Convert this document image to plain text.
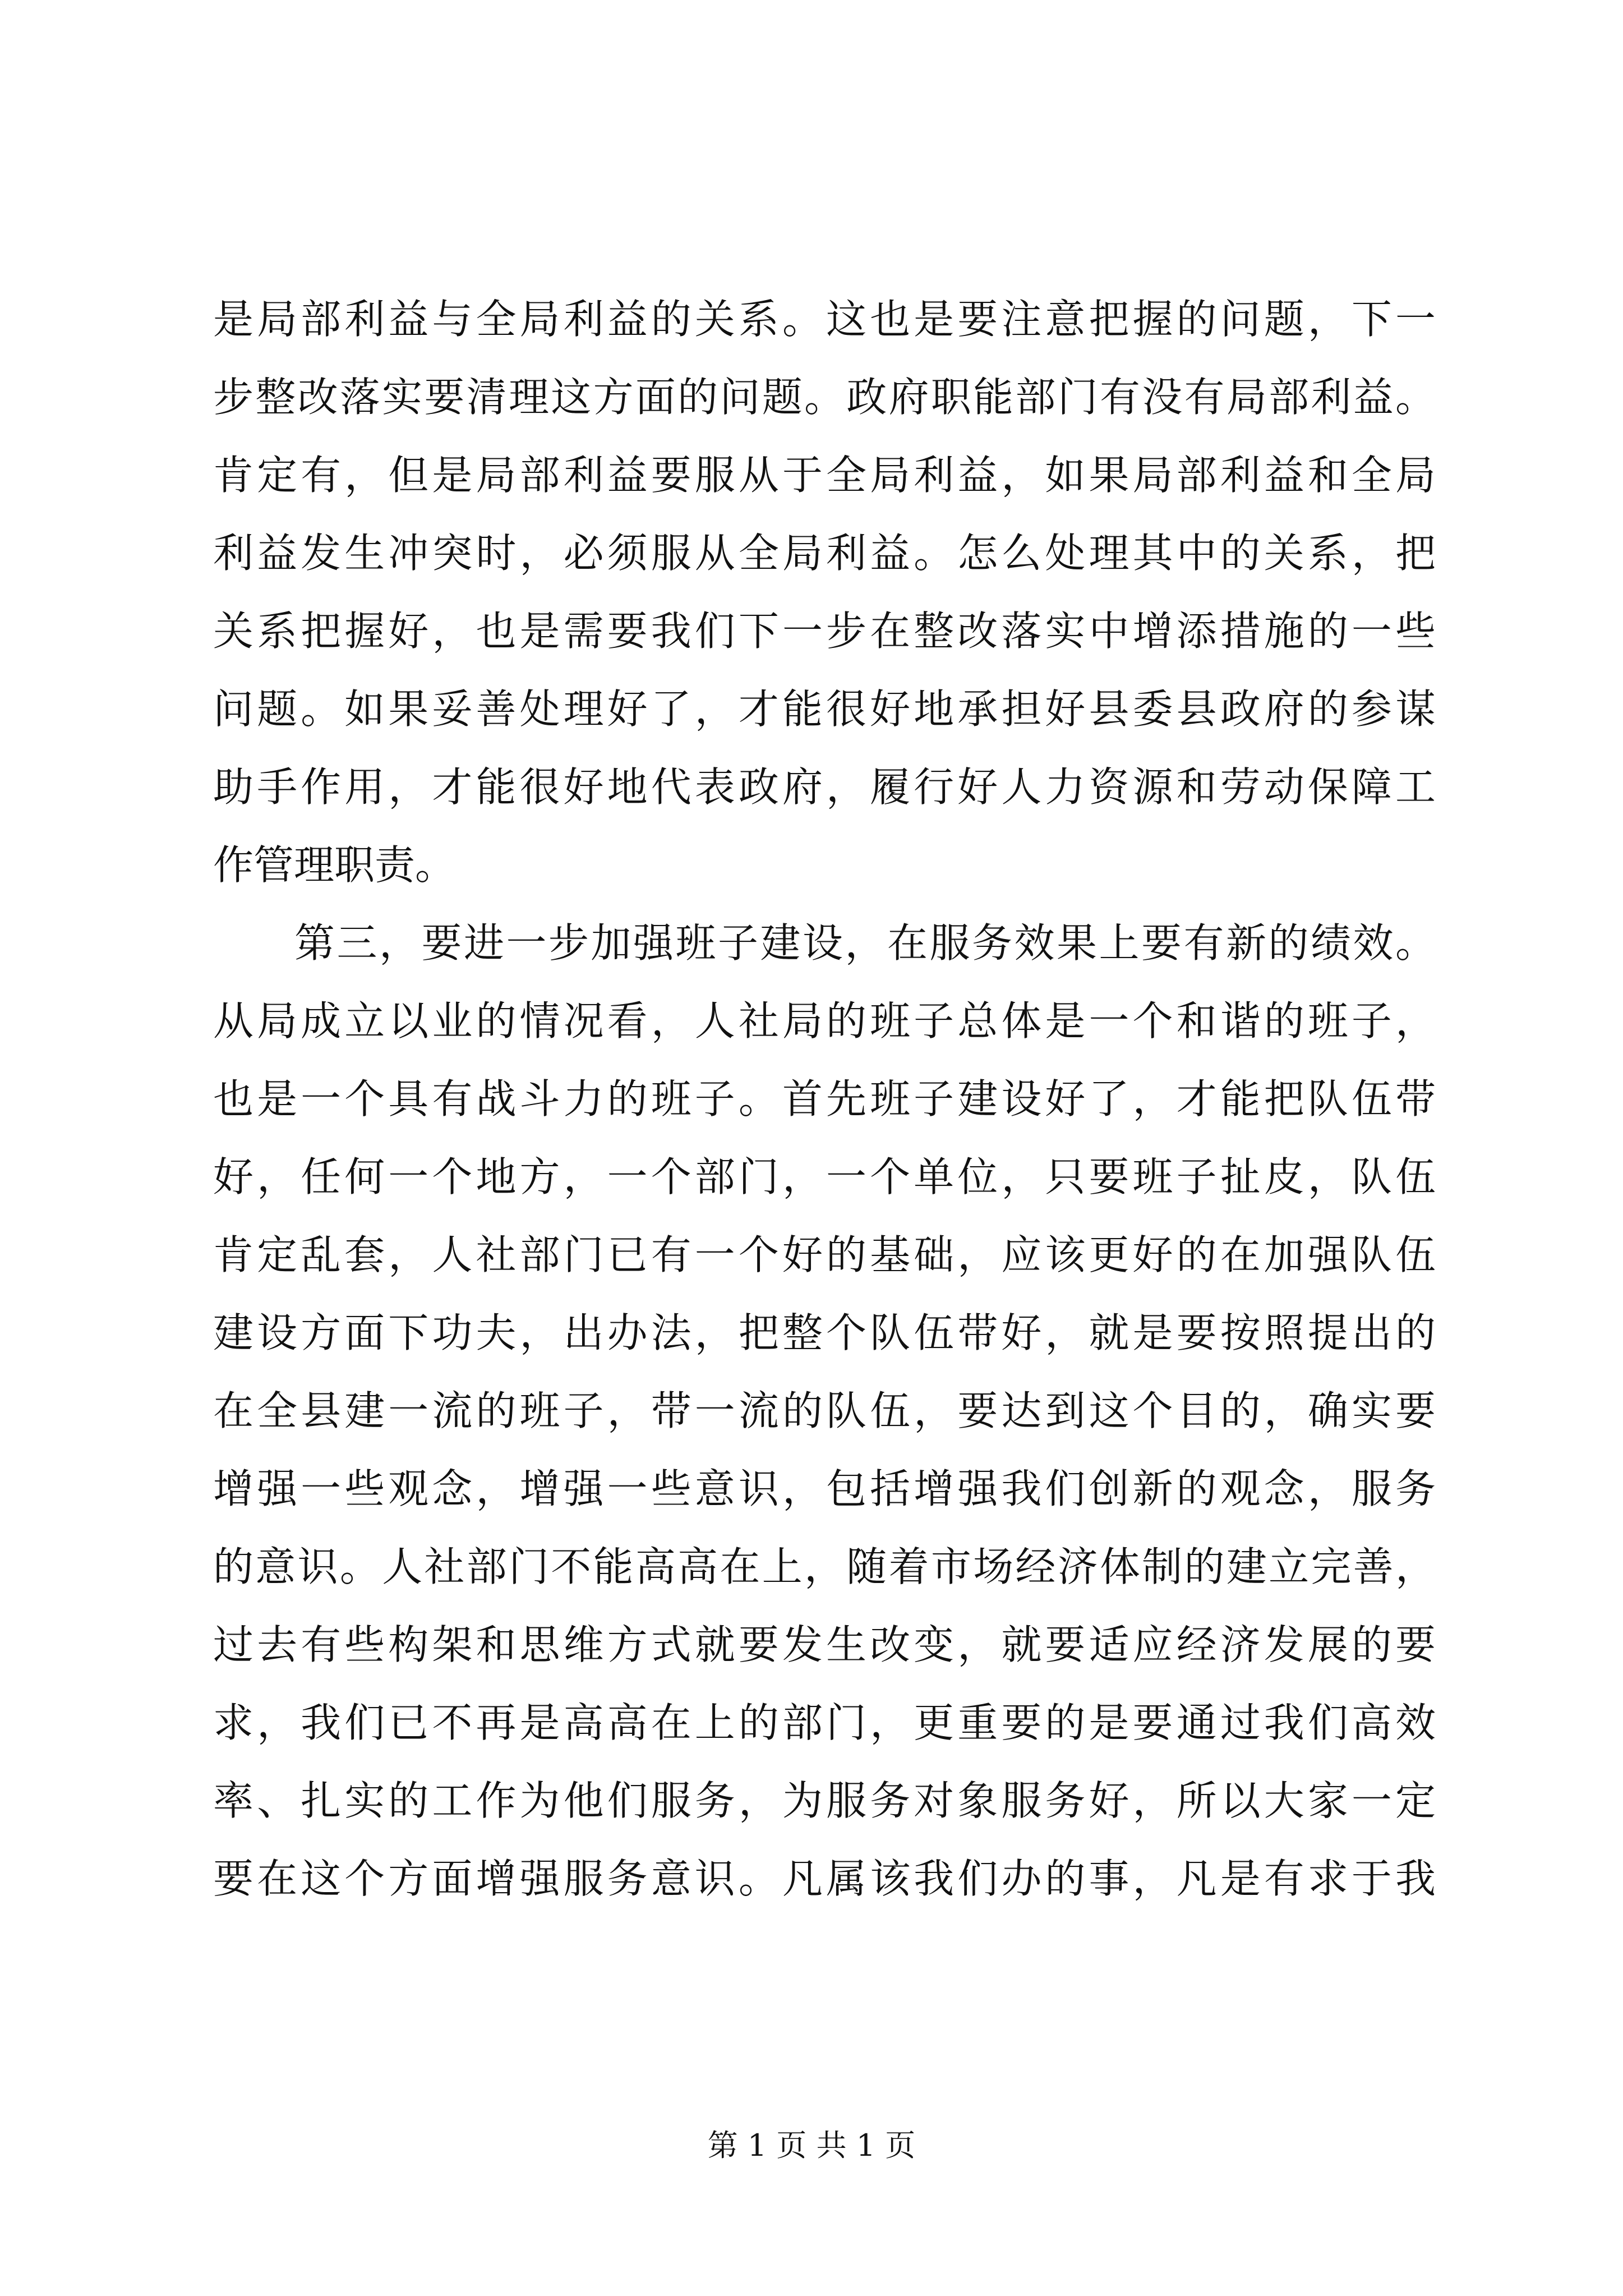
是局部利益与全局利益的关系。这也是要注意把握的问题，下一
步整改落实要清理这方面的问题。政府职能部门有没有局部利益。
肯定有，但是局部利益要服从于全局利益，如果局部利益和全局
利益发生冲突时，必须服从全局利益。怎么处理其中的关系，把
关系把握好，也是需要我们下一步在整改落实中增添措施的一些
问题。如果妥善处理好了，才能很好地承担好县委县政府的参谋
助手作用，才能很好地代表政府，履行好人力资源和劳动保障工
作管理职责。
第三，要进一步加强班子建设，在服务效果上要有新的绩效。
从局成立以业的情况看，人社局的班子总体是一个和谐的班子，
也是一个具有战斗力的班子。首先班子建设好了，才能把队伍带
好，任何一个地方，一个部门，一个单位，只要班子扯皮，队伍
肯定乱套，人社部门已有一个好的基础，应该更好的在加强队伍
建设方面下功夫，出办法，把整个队伍带好，就是要按照提出的
在全县建一流的班子，带一流的队伍，要达到这个目的，确实要
增强一些观念，增强一些意识，包括增强我们创新的观念，服务
的意识。人社部门不能高高在上，随着市场经济体制的建立完善，
过去有些构架和思维方式就要发生改变，就要适应经济发展的要
求，我们已不再是高高在上的部门，更重要的是要通过我们高效
率、扎实的工作为他们服务，为服务对象服务好，所以大家一定
要在这个方面增强服务意识。凡属该我们办的事，凡是有求于我
第 1 页 共 1 页
